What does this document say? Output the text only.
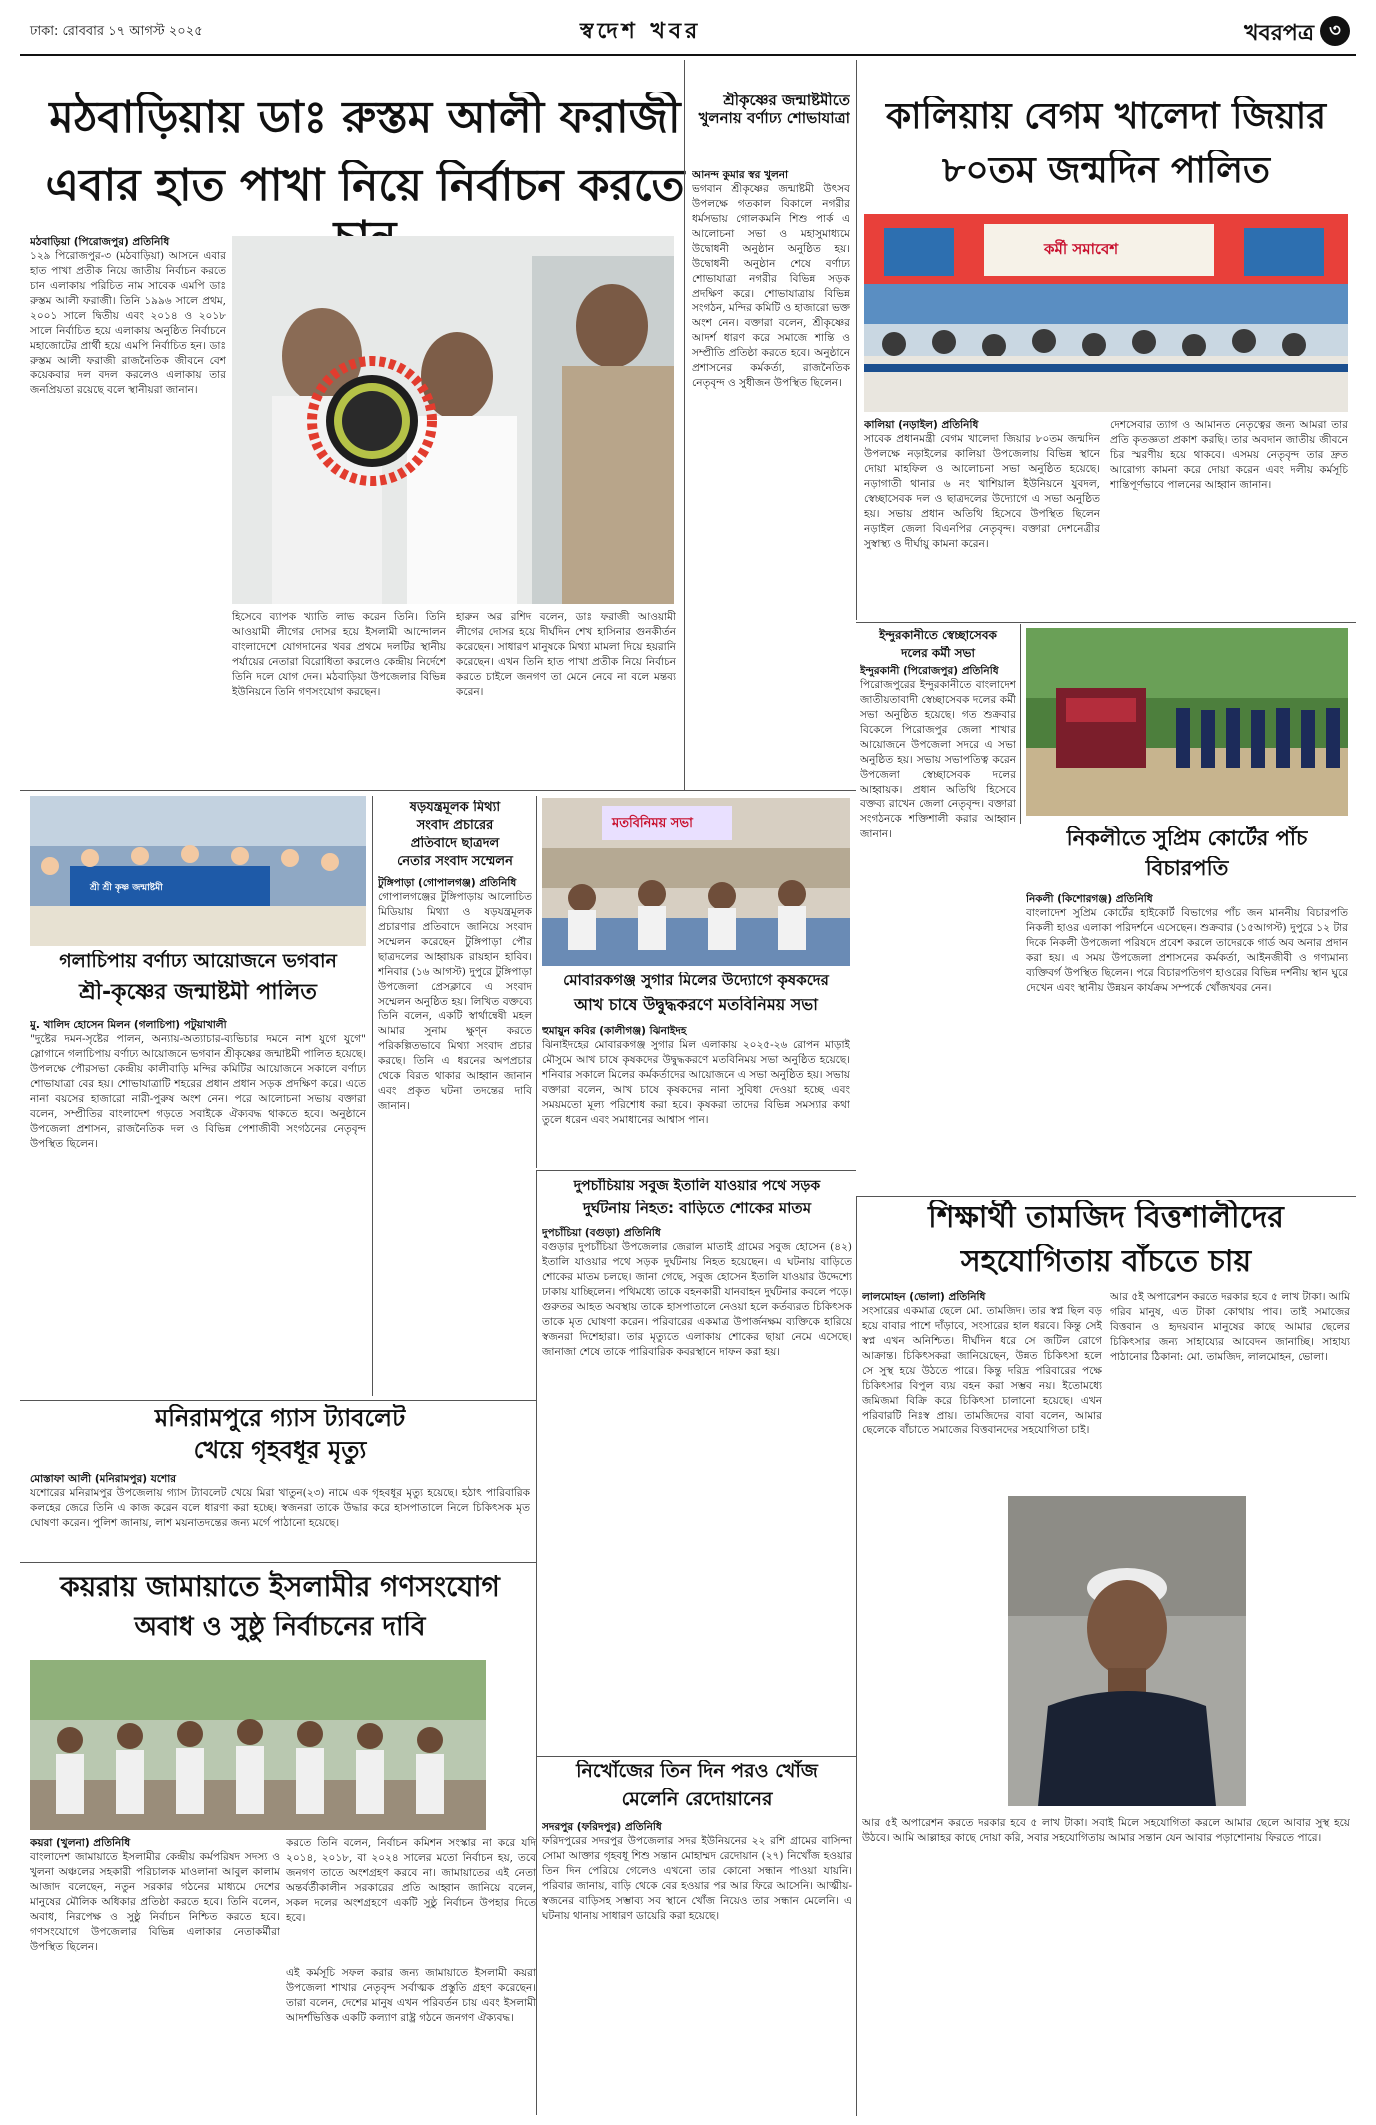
ঢাকা: রোববার ১৭ আগস্ট ২০২৫	স্বদেশ খবর	খবরপত্র ৩
মঠবাড়িয়ায় ডাঃ রুস্তম আলী ফরাজী
এবার হাত পাখা নিয়ে নির্বাচন করতে
মঠবাড়িয়া (পিরোজপুর) প্রতিনিধি
১২৯ পিরোজপুর-৩ (মঠবাড়িয়া) আসনে এবার হাত পাখা প্রতীক নিয়ে জাতীয় নির্বাচন করতে চান এলাকায় পরিচিত নাম সাবেক এমপি ডাঃ রুস্তম আলী ফরাজী। তিনি ১৯৯৬ সালে প্রথম, ২০০১ সালে দ্বিতীয় এবং ২০১৪ ও ২০১৮ সালে নির্বাচিত হয়ে এলাকায় অনুষ্ঠিত নির্বাচনে মহাজোটের প্রার্থী হয়ে এমপি নির্বাচিত হন। ডাঃ রুস্তম আলী ফরাজী রাজনৈতিক জীবনে বেশ কয়েকবার দল বদল করলেও এলাকায় তার জনপ্রিয়তা রয়েছে বলে স্থানীয়রা জানান।
হিসেবে ব্যাপক খ্যাতি লাভ করেন তিনি। তিনি আওয়ামী লীগের দোসর হয়ে ইসলামী আন্দোলন বাংলাদেশে যোগদানের খবর প্রথমে দলটির স্থানীয় পর্যায়ের নেতারা বিরোধিতা করলেও কেন্দ্রীয় নির্দেশে তিনি দলে যোগ দেন। মঠবাড়িয়া উপজেলার বিভিন্ন ইউনিয়নে তিনি গণসংযোগ করছেন।
হারুন অর রশিদ বলেন, ডাঃ ফরাজী আওয়ামী লীগের দোসর হয়ে দীর্ঘদিন শেখ হাসিনার গুনকীর্তন করেছেন। সাধারণ মানুষকে মিথ্যা মামলা দিয়ে হয়রানি করেছেন। এখন তিনি হাত পাখা প্রতীক নিয়ে নির্বাচন করতে চাইলে জনগণ তা মেনে নেবে না বলে মন্তব্য করেন।
শ্রীকৃষ্ণের জন্মাষ্টমীতে খুলনায় বর্ণাঢ্য শোভাযাত্রা
আনন্দ কুমার স্বর খুলনা
ভগবান শ্রীকৃষ্ণের জন্মাষ্টমী উৎসব উপলক্ষে গতকাল বিকালে নগরীর ধর্মসভায় গোলকমনি শিশু পার্ক এ আলোচনা সভা ও মহাসুমাধ্যমে উদ্বোধনী অনুষ্ঠান অনুষ্ঠিত হয়। উদ্বোধনী অনুষ্ঠান শেষে বর্ণাঢ্য শোভাযাত্রা নগরীর বিভিন্ন সড়ক প্রদক্ষিণ করে। শোভাযাত্রায় বিভিন্ন সংগঠন, মন্দির কমিটি ও হাজারো ভক্ত অংশ নেন। বক্তারা বলেন, শ্রীকৃষ্ণের আদর্শ ধারণ করে সমাজে শান্তি ও সম্প্রীতি প্রতিষ্ঠা করতে হবে। অনুষ্ঠানে প্রশাসনের কর্মকর্তা, রাজনৈতিক নেতৃবৃন্দ ও সুধীজন উপস্থিত ছিলেন।
কালিয়ায় বেগম খালেদা জিয়ার
৮০তম জন্মদিন পালিত
কর্মী সমাবেশ
কালিয়া (নড়াইল) প্রতিনিধি
সাবেক প্রধানমন্ত্রী বেগম খালেদা জিয়ার ৮০তম জন্মদিন উপলক্ষে নড়াইলের কালিয়া উপজেলায় বিভিন্ন স্থানে দোয়া মাহফিল ও আলোচনা সভা অনুষ্ঠিত হয়েছে। নড়াগাতী থানার ৬ নং খাশিয়াল ইউনিয়নে যুবদল, স্বেচ্ছাসেবক দল ও ছাত্রদলের উদ্যোগে এ সভা অনুষ্ঠিত হয়। সভায় প্রধান অতিথি হিসেবে উপস্থিত ছিলেন নড়াইল জেলা বিএনপির নেতৃবৃন্দ। বক্তারা দেশনেত্রীর সুস্বাস্থ্য ও দীর্ঘায়ু কামনা করেন।
দেশসেবার ত্যাগ ও আমানত নেতৃত্বের জন্য আমরা তার প্রতি কৃতজ্ঞতা প্রকাশ করছি। তার অবদান জাতীয় জীবনে চির স্মরণীয় হয়ে থাকবে। এসময় নেতৃবৃন্দ তার দ্রুত আরোগ্য কামনা করে দোয়া করেন এবং দলীয় কর্মসূচি শান্তিপূর্ণভাবে পালনের আহ্বান জানান।
ইন্দুরকানীতে স্বেচ্ছাসেবক
দলের কর্মী সভা
ইন্দুরকানী (পিরোজপুর) প্রতিনিধি
পিরোজপুরের ইন্দুরকানীতে বাংলাদেশ জাতীয়তাবাদী স্বেচ্ছাসেবক দলের কর্মী সভা অনুষ্ঠিত হয়েছে। গত শুক্রবার বিকেলে পিরোজপুর জেলা শাখার আয়োজনে উপজেলা সদরে এ সভা অনুষ্ঠিত হয়। সভায় সভাপতিত্ব করেন উপজেলা স্বেচ্ছাসেবক দলের আহ্বায়ক। প্রধান অতিথি হিসেবে বক্তব্য রাখেন জেলা নেতৃবৃন্দ। বক্তারা সংগঠনকে শক্তিশালী করার আহ্বান জানান।	নিকলীতে সুপ্রিম কোর্টের পাঁচ
বিচারপতি
নিকলী (কিশোরগঞ্জ) প্রতিনিধি
বাংলাদেশ সুপ্রিম কোর্টের হাইকোর্ট বিভাগের পাঁচ জন মাননীয় বিচারপতি নিকলী হাওর এলাকা পরিদর্শনে এসেছেন। শুক্রবার (১৫আগস্ট) দুপুরে ১২ টার দিকে নিকলী উপজেলা পরিষদে প্রবেশ করলে তাদেরকে গার্ড অব অনার প্রদান করা হয়। এ সময় উপজেলা প্রশাসনের কর্মকর্তা, আইনজীবী ও গণ্যমান্য ব্যক্তিবর্গ উপস্থিত ছিলেন। পরে বিচারপতিগণ হাওরের বিভিন্ন দর্শনীয় স্থান ঘুরে দেখেন এবং স্থানীয় উন্নয়ন কার্যক্রম সম্পর্কে খোঁজখবর নেন।
শ্রী শ্রী কৃষ্ণ জন্মাষ্টমী
গলাচিপায় বর্ণাঢ্য আয়োজনে ভগবান
শ্রী-কৃষ্ণের জন্মাষ্টমী পালিত
মু. খালিদ হোসেন মিলন (গলাচিপা) পটুয়াখালী
"দুষ্টের দমন-সৃষ্টের পালন, অন্যায়-অত্যাচার-ব্যভিচার দমনে নাশ যুগে যুগে" স্লোগানে গলাচিপায় বর্ণাঢ্য আয়োজনে ভগবান শ্রীকৃষ্ণের জন্মাষ্টমী পালিত হয়েছে। উপলক্ষে পৌরসভা কেন্দ্রীয় কালীবাড়ি মন্দির কমিটির আয়োজনে সকালে বর্ণাঢ্য শোভাযাত্রা বের হয়। শোভাযাত্রাটি শহরের প্রধান প্রধান সড়ক প্রদক্ষিণ করে। এতে নানা বয়সের হাজারো নারী-পুরুষ অংশ নেন। পরে আলোচনা সভায় বক্তারা বলেন, সম্প্রীতির বাংলাদেশ গড়তে সবাইকে ঐক্যবদ্ধ থাকতে হবে। অনুষ্ঠানে উপজেলা প্রশাসন, রাজনৈতিক দল ও বিভিন্ন পেশাজীবী সংগঠনের নেতৃবৃন্দ উপস্থিত ছিলেন।
ষড়যন্ত্রমূলক মিথ্যা
সংবাদ প্রচারের
প্রতিবাদে ছাত্রদল
নেতার সংবাদ সম্মেলন
টুঙ্গিপাড়া (গোপালগঞ্জ) প্রতিনিধি
গোপালগঞ্জের টুঙ্গিপাড়ায় আলোচিত মিডিয়ায় মিথ্যা ও ষড়যন্ত্রমূলক প্রচারণার প্রতিবাদে জানিয়ে সংবাদ সম্মেলন করেছেন টুঙ্গিপাড়া পৌর ছাত্রদলের আহ্বায়ক রায়হান হাবিব। শনিবার (১৬ আগস্ট) দুপুরে টুঙ্গিপাড়া উপজেলা প্রেসক্লাবে এ সংবাদ সম্মেলন অনুষ্ঠিত হয়। লিখিত বক্তব্যে তিনি বলেন, একটি স্বার্থান্বেষী মহল আমার সুনাম ক্ষুণ্ন করতে পরিকল্পিতভাবে মিথ্যা সংবাদ প্রচার করছে। তিনি এ ধরনের অপপ্রচার থেকে বিরত থাকার আহ্বান জানান এবং প্রকৃত ঘটনা তদন্তের দাবি জানান।
মতবিনিময় সভা
মোবারকগঞ্জ সুগার মিলের উদ্যোগে কৃষকদের
আখ চাষে উদ্বুদ্ধকরণে মতবিনিময় সভা
হুমায়ুন কবির (কালীগঞ্জ) ঝিনাইদহ
ঝিনাইদহের মোবারকগঞ্জ সুগার মিল এলাকায় ২০২৫-২৬ রোপন মাড়াই মৌসুমে আখ চাষে কৃষকদের উদ্বুদ্ধকরণে মতবিনিময় সভা অনুষ্ঠিত হয়েছে। শনিবার সকালে মিলের কর্মকর্তাদের আয়োজনে এ সভা অনুষ্ঠিত হয়। সভায় বক্তারা বলেন, আখ চাষে কৃষকদের নানা সুবিধা দেওয়া হচ্ছে এবং সময়মতো মূল্য পরিশোধ করা হবে। কৃষকরা তাদের বিভিন্ন সমস্যার কথা তুলে ধরেন এবং সমাধানের আশ্বাস পান।
দুপচাঁচিয়ায় সবুজ ইতালি যাওয়ার পথে সড়ক
দুর্ঘটনায় নিহত: বাড়িতে শোকের মাতম
দুপচাঁচিয়া (বগুড়া) প্রতিনিধি
বগুড়ার দুপচাঁচিয়া উপজেলার জেরাল মাতাই গ্রামের সবুজ হোসেন (৪২) ইতালি যাওয়ার পথে সড়ক দুর্ঘটনায় নিহত হয়েছেন। এ ঘটনায় বাড়িতে শোকের মাতম চলছে। জানা গেছে, সবুজ হোসেন ইতালি যাওয়ার উদ্দেশ্যে ঢাকায় যাচ্ছিলেন। পথিমধ্যে তাকে বহনকারী যানবাহন দুর্ঘটনার কবলে পড়ে। গুরুতর আহত অবস্থায় তাকে হাসপাতালে নেওয়া হলে কর্তব্যরত চিকিৎসক তাকে মৃত ঘোষণা করেন। পরিবারের একমাত্র উপার্জনক্ষম ব্যক্তিকে হারিয়ে স্বজনরা দিশেহারা। তার মৃত্যুতে এলাকায় শোকের ছায়া নেমে এসেছে। জানাজা শেষে তাকে পারিবারিক কবরস্থানে দাফন করা হয়।
মনিরামপুরে গ্যাস ট্যাবলেট
খেয়ে গৃহবধূর মৃত্যু
মোস্তাফা আলী (মনিরামপুর) যশোর
যশোরের মনিরামপুর উপজেলায় গ্যাস ট্যাবলেট খেয়ে মিরা খাতুন(২৩) নামে এক গৃহবধূর মৃত্যু হয়েছে। হঠাৎ পারিবারিক কলহের জেরে তিনি এ কাজ করেন বলে ধারণা করা হচ্ছে। স্বজনরা তাকে উদ্ধার করে হাসপাতালে নিলে চিকিৎসক মৃত ঘোষণা করেন। পুলিশ জানায়, লাশ ময়নাতদন্তের জন্য মর্গে পাঠানো হয়েছে।
কয়রায় জামায়াতে ইসলামীর গণসংযোগ
অবাধ ও সুষ্ঠু নির্বাচনের দাবি
কয়রা (খুলনা) প্রতিনিধি
বাংলাদেশ জামায়াতে ইসলামীর কেন্দ্রীয় কর্মপরিষদ সদস্য ও খুলনা অঞ্চলের সহকারী পরিচালক মাওলানা আবুল কালাম আজাদ বলেছেন, নতুন সরকার গঠনের মাধ্যমে দেশের মানুষের মৌলিক অধিকার প্রতিষ্ঠা করতে হবে। তিনি বলেন, অবাধ, নিরপেক্ষ ও সুষ্ঠু নির্বাচন নিশ্চিত করতে হবে। গণসংযোগে উপজেলার বিভিন্ন এলাকার নেতাকর্মীরা উপস্থিত ছিলেন।
করতে তিনি বলেন, নির্বাচন কমিশন সংস্কার না করে যদি ২০১৪, ২০১৮, বা ২০২৪ সালের মতো নির্বাচন হয়, তবে জনগণ তাতে অংশগ্রহণ করবে না। জামায়াতের এই নেতা অন্তর্বর্তীকালীন সরকারের প্রতি আহ্বান জানিয়ে বলেন, সকল দলের অংশগ্রহণে একটি সুষ্ঠু নির্বাচন উপহার দিতে হবে।
এই কর্মসূচি সফল করার জন্য জামায়াতে ইসলামী কয়রা উপজেলা শাখার নেতৃবৃন্দ সর্বাত্মক প্রস্তুতি গ্রহণ করেছেন। তারা বলেন, দেশের মানুষ এখন পরিবর্তন চায় এবং ইসলামী আদর্শভিত্তিক একটি কল্যাণ রাষ্ট্র গঠনে জনগণ ঐক্যবদ্ধ।
নিখোঁজের তিন দিন পরও খোঁজ
মেলেনি রেদোয়ানের
সদরপুর (ফরিদপুর) প্রতিনিধি
ফরিদপুরের সদরপুর উপজেলার সদর ইউনিয়নের ২২ রশি গ্রামের বাসিন্দা সোমা আক্তার গৃহবধূ শিশু সন্তান মোহাম্মদ রেদোয়ান (২৭) নিখোঁজ হওয়ার তিন দিন পেরিয়ে গেলেও এখনো তার কোনো সন্ধান পাওয়া যায়নি। পরিবার জানায়, বাড়ি থেকে বের হওয়ার পর আর ফিরে আসেনি। আত্মীয়-স্বজনের বাড়িসহ সম্ভাব্য সব স্থানে খোঁজ নিয়েও তার সন্ধান মেলেনি। এ ঘটনায় থানায় সাধারণ ডায়েরি করা হয়েছে।
শিক্ষার্থী তামজিদ বিত্তশালীদের
সহযোগিতায় বাঁচতে চায়
লালমোহন (ভোলা) প্রতিনিধি
সংসারের একমাত্র ছেলে মো. তামজিদ। তার স্বপ্ন ছিল বড় হয়ে বাবার পাশে দাঁড়াবে, সংসারের হাল ধরবে। কিন্তু সেই স্বপ্ন এখন অনিশ্চিত। দীর্ঘদিন ধরে সে জটিল রোগে আক্রান্ত। চিকিৎসকরা জানিয়েছেন, উন্নত চিকিৎসা হলে সে সুস্থ হয়ে উঠতে পারে। কিন্তু দরিদ্র পরিবারের পক্ষে চিকিৎসার বিপুল ব্যয় বহন করা সম্ভব নয়। ইতোমধ্যে জমিজমা বিক্রি করে চিকিৎসা চালানো হয়েছে। এখন পরিবারটি নিঃস্ব প্রায়। তামজিদের বাবা বলেন, আমার ছেলেকে বাঁচাতে সমাজের বিত্তবানদের সহযোগিতা চাই।
আর ৫ই অপারেশন করতে দরকার হবে ৫ লাখ টাকা। আমি গরিব মানুষ, এত টাকা কোথায় পাব। তাই সমাজের বিত্তবান ও হৃদয়বান মানুষের কাছে আমার ছেলের চিকিৎসার জন্য সাহায্যের আবেদন জানাচ্ছি। সাহায্য পাঠানোর ঠিকানা: মো. তামজিদ, লালমোহন, ভোলা।
আর ৫ই অপারেশন করতে দরকার হবে ৫ লাখ টাকা। সবাই মিলে সহযোগিতা করলে আমার ছেলে আবার সুস্থ হয়ে উঠবে। আমি আল্লাহর কাছে দোয়া করি, সবার সহযোগিতায় আমার সন্তান যেন আবার পড়াশোনায় ফিরতে পারে।
